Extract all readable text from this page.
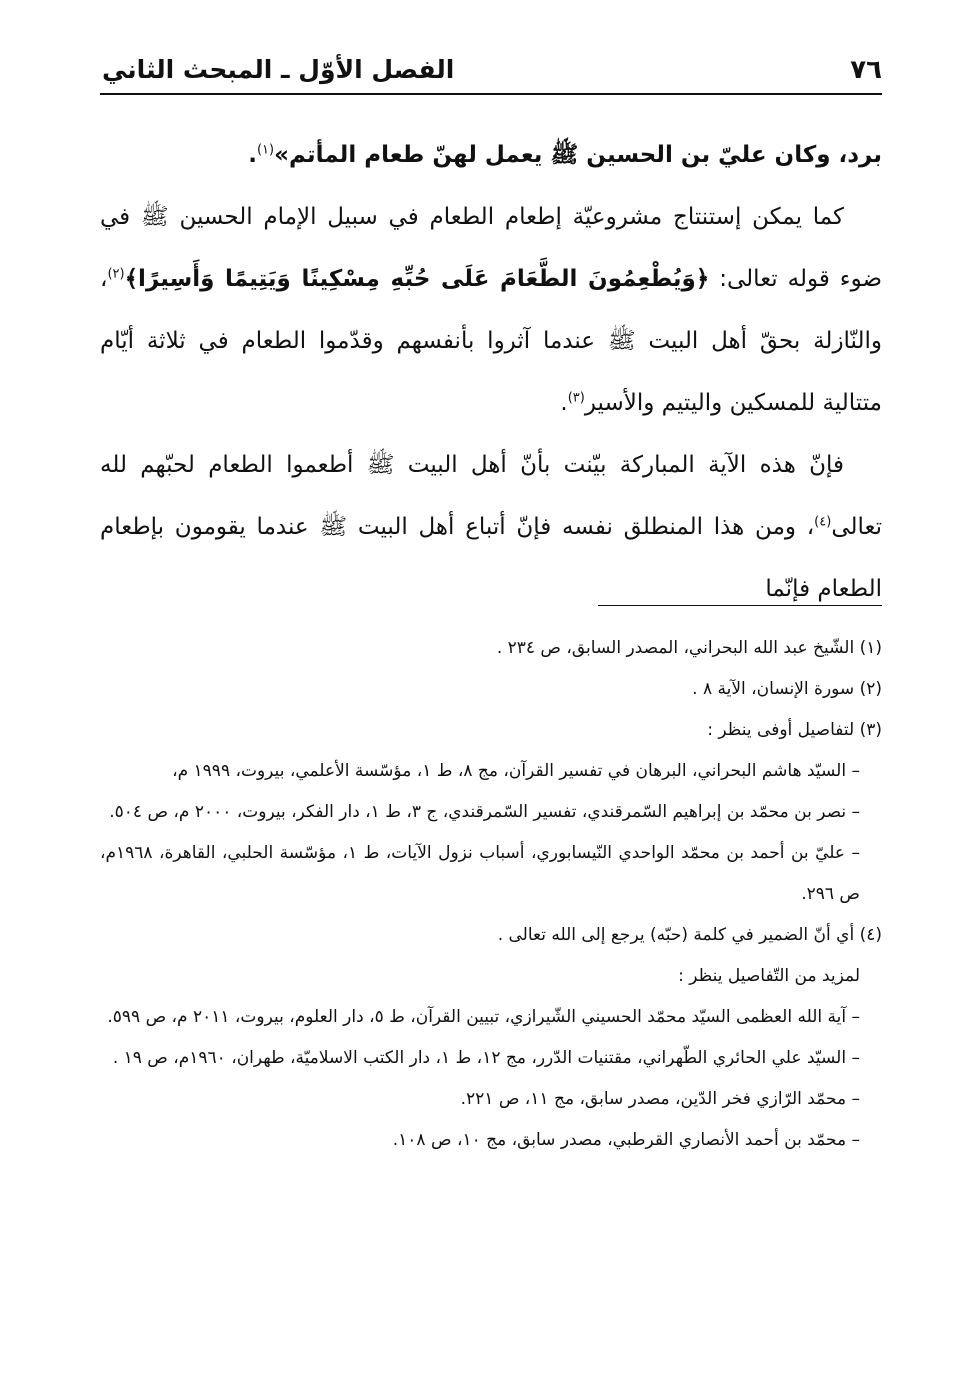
٧٦
الفصل الأوّل ـ المبحث الثاني

برد، وكان عليّ بن الحسين ﷺ يعمل لهنّ طعام المأتم»$^{(١)}$.

كما يمكن إستنتاج مشروعيّة إطعام الطعام في سبيل الإمام الحسين ﷺ في ضوء قوله تعالى: ﴿وَيُطْعِمُونَ الطَّعَامَ عَلَى حُبِّهِ مِسْكِينًا وَيَتِيمًا وَأَسِيرًا﴾$^{(٢)}$، والنّازلة بحقّ أهل البيت ﷺ عندما آثروا بأنفسهم وقدّموا الطعام في ثلاثة أيّام متتالية للمسكين واليتيم والأسير$^{(٣)}$.

فإنّ هذه الآية المباركة بيّنت بأنّ أهل البيت ﷺ أطعموا الطعام لحبّهم لله تعالى$^{(٤)}$، ومن هذا المنطلق نفسه فإنّ أتباع أهل البيت ﷺ عندما يقومون بإطعام الطعام فإنّما

(١) الشّيخ عبد الله البحراني، المصدر السابق، ص ٢٣٤ .

(٢) سورة الإنسان، الآية ٨ .

(٣) لتفاصيل أوفى ينظر :

– السيّد هاشم البحراني، البرهان في تفسير القرآن، مج ٨، ط ١، مؤسّسة الأعلمي، بيروت، ١٩٩٩ م،

– نصر بن محمّد بن إبراهيم السّمرقندي، تفسير السّمرقندي، ج ٣، ط ١، دار الفكر، بيروت، ٢٠٠٠ م، ص ٥٠٤.

– عليّ بن أحمد بن محمّد الواحدي النّيسابوري، أسباب نزول الآيات، ط ١، مؤسّسة الحلبي، القاهرة، ١٩٦٨م، ص ٢٩٦.

(٤) أي أنّ الضمير في كلمة (حبّه) يرجع إلى الله تعالى .

لمزيد من التّفاصيل ينظر :

– آية الله العظمى السيّد محمّد الحسيني الشّيرازي، تبيين القرآن، ط ٥، دار العلوم، بيروت، ٢٠١١ م، ص ٥٩٩.

– السيّد علي الحائري الطّهراني، مقتنيات الدّرر، مج ١٢، ط ١، دار الكتب الاسلاميّة، طهران، ١٩٦٠م، ص ١٩ .

– محمّد الرّازي فخر الدّين، مصدر سابق، مج ١١، ص ٢٢١.

– محمّد بن أحمد الأنصاري القرطبي، مصدر سابق، مج ١٠، ص ١٠٨.
